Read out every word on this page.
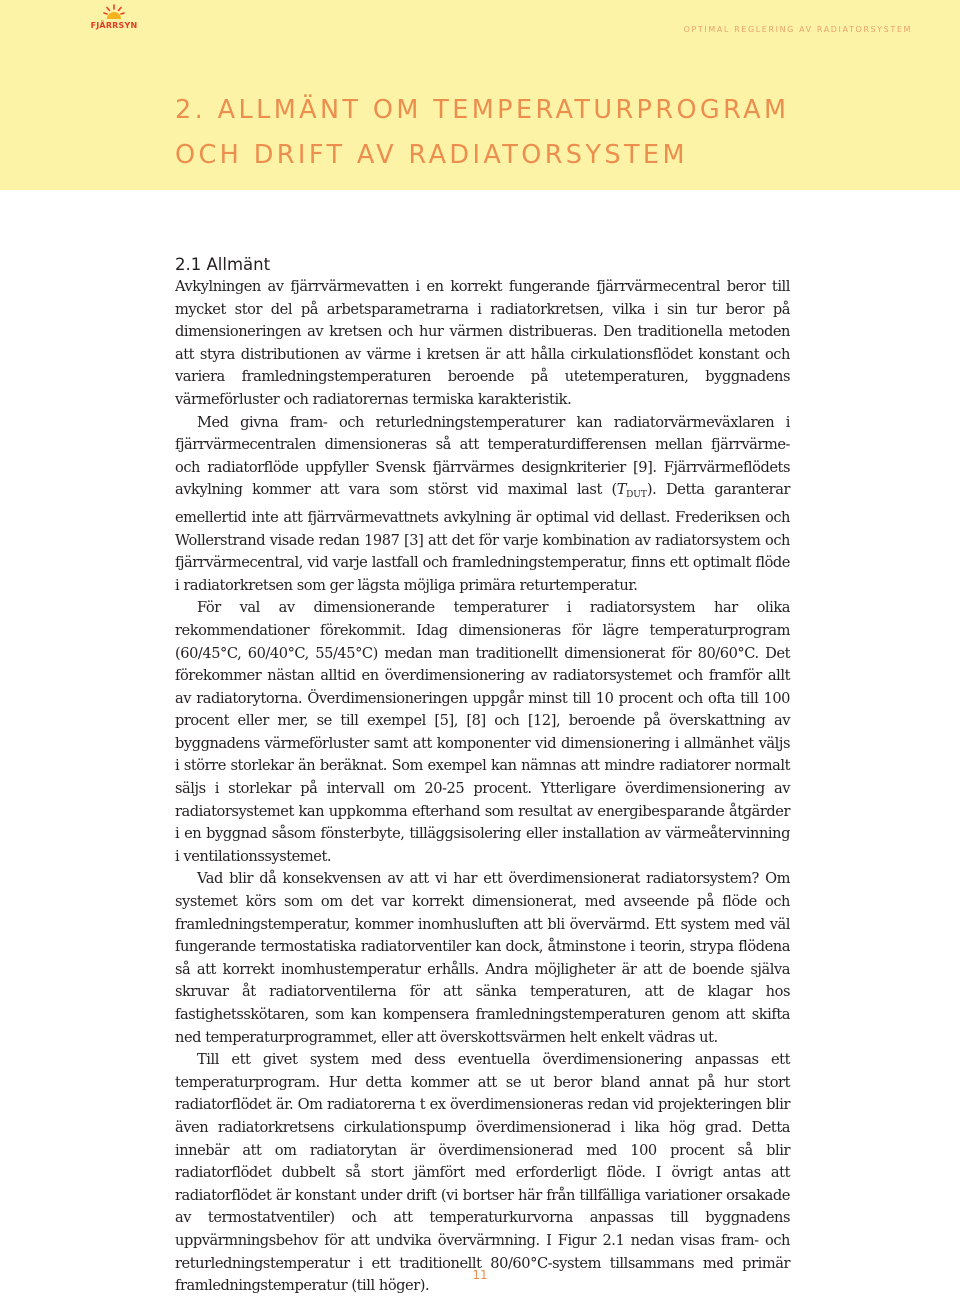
FJÄRRSYN	OPTIMAL REGLERING AV RADIATORSYSTEM
2. ALLMÄNT OM TEMPERATURPROGRAM
OCH DRIFT AV RADIATORSYSTEM
2.1 Allmänt

Avkylningen av fjärrvärmevatten i en korrekt fungerande fjärrvärmecentral beror till mycket stor del på arbetsparametrarna i radiatorkretsen, vilka i sin tur beror på dimensioneringen av kretsen och hur värmen distribueras. Den traditionella metoden att styra distributionen av värme i kretsen är att hålla cirkulationsflödet konstant och variera framledningstemperaturen beroende på utetemperaturen, byggnadens värmeförluster och radiatorernas termiska karakteristik.

Med givna fram- och returledningstemperaturer kan radiatorvärmeväxlaren i fjärrvärmecentralen dimensioneras så att temperaturdifferensen mellan fjärrvärme- och radiatorflöde uppfyller Svensk fjärrvärmes designkriterier [9]. Fjärrvärmeflödets avkylning kommer att vara som störst vid maximal last $(T_{DUT})$. Detta garanterar emellertid inte att fjärrvärmevattnets avkylning är optimal vid dellast. Frederiksen och Wollerstrand visade redan 1987 [3] att det för varje kombination av radiatorsystem och fjärrvärmecentral, vid varje lastfall och framledningstemperatur, finns ett optimalt flöde i radiatorkretsen som ger lägsta möjliga primära returtemperatur.

För val av dimensionerande temperaturer i radiatorsystem har olika rekommendationer förekommit. Idag dimensioneras för lägre temperaturprogram (60/45°C, 60/40°C, 55/45°C) medan man traditionellt dimensionerat för 80/60°C. Det förekommer nästan alltid en överdimensionering av radiatorsystemet och framför allt av radiatorytorna. Överdimensioneringen uppgår minst till 10 procent och ofta till 100 procent eller mer, se till exempel [5], [8] och [12], beroende på överskattning av byggnadens värmeförluster samt att komponenter vid dimensionering i allmänhet väljs i större storlekar än beräknat. Som exempel kan nämnas att mindre radiatorer normalt säljs i storlekar på intervall om 20-25 procent. Ytterligare överdimensionering av radiatorsystemet kan uppkomma efterhand som resultat av energibesparande åtgärder i en byggnad såsom fönsterbyte, tilläggsisolering eller installation av värmeåtervinning i ventilationssystemet.

Vad blir då konsekvensen av att vi har ett överdimensionerat radiatorsystem? Om systemet körs som om det var korrekt dimensionerat, med avseende på flöde och framledningstemperatur, kommer inomhusluften att bli övervärmd. Ett system med väl fungerande termostatiska radiatorventiler kan dock, åtminstone i teorin, strypa flödena så att korrekt inomhustemperatur erhålls. Andra möjligheter är att de boende själva skruvar åt radiatorventilerna för att sänka temperaturen, att de klagar hos fastighetsskötaren, som kan kompensera framledningstemperaturen genom att skifta ned temperaturprogrammet, eller att överskottsvärmen helt enkelt vädras ut.

Till ett givet system med dess eventuella överdimensionering anpassas ett temperaturprogram. Hur detta kommer att se ut beror bland annat på hur stort radiatorflödet är. Om radiatorerna t ex överdimensioneras redan vid projekteringen blir även radiatorkretsens cirkulationspump överdimensionerad i lika hög grad. Detta innebär att om radiatorytan är överdimensionerad med 100 procent så blir radiatorflödet dubbelt så stort jämfört med erforderligt flöde. I övrigt antas att radiatorflödet är konstant under drift (vi bortser här från tillfälliga variationer orsakade av termostatventiler) och att temperaturkurvorna anpassas till byggnadens uppvärmningsbehov för att undvika övervärmning. I Figur 2.1 nedan visas fram- och returledningstemperatur i ett traditionellt 80/60°C-system tillsammans med primär framledningstemperatur (till höger).

11
